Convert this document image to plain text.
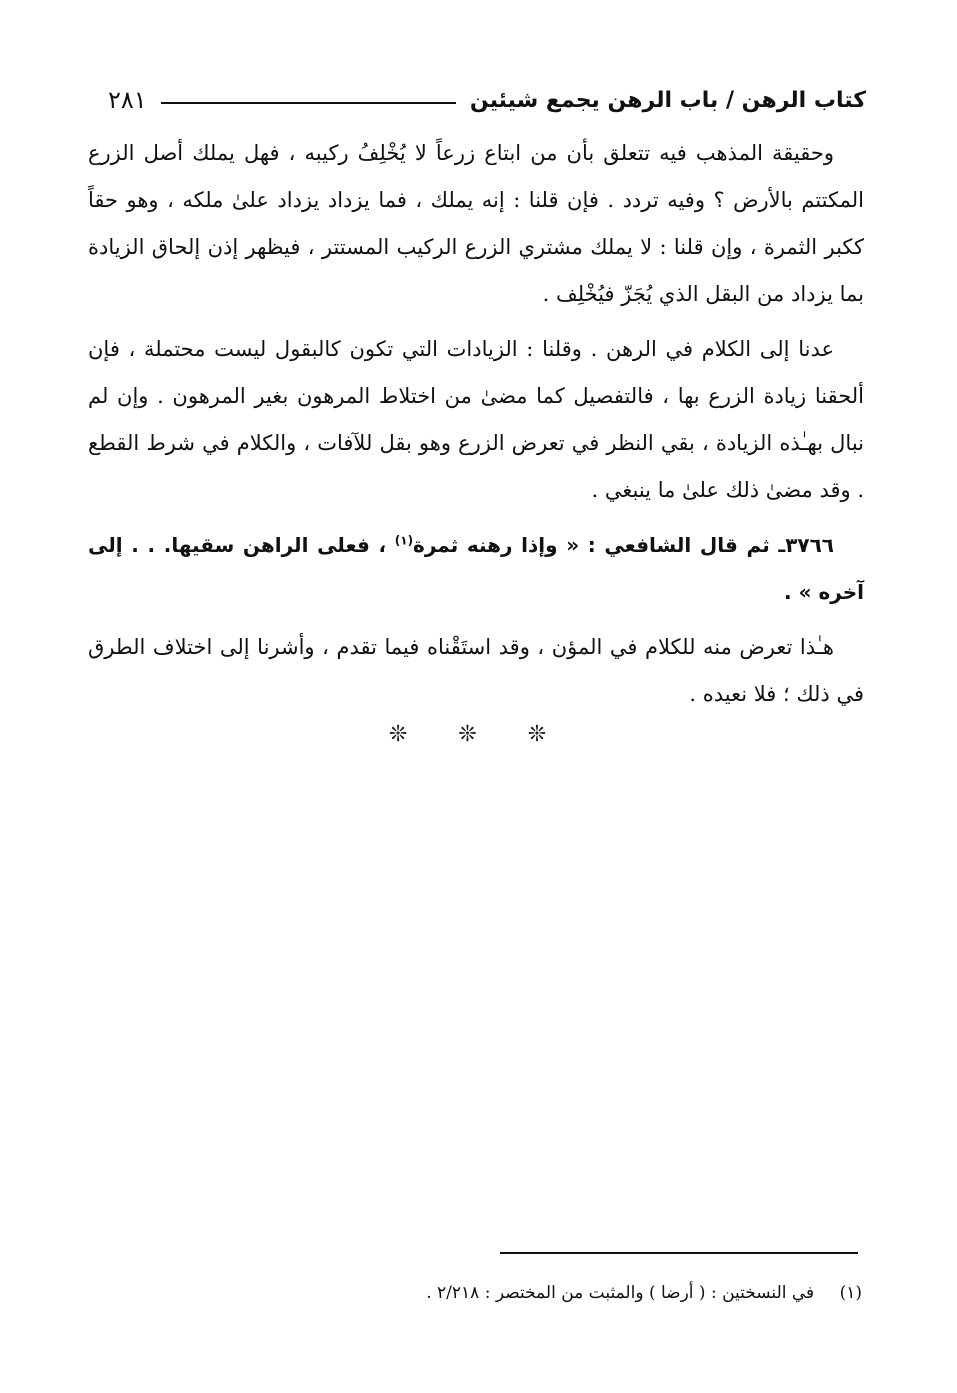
كتاب الرهن / باب الرهن يجمع شيئين
٢٨١

وحقيقة المذهب فيه تتعلق بأن من ابتاع زرعاً لا يُخْلِفُ ركيبه ، فهل يملك أصل الزرع المكتتم بالأرض ؟ وفيه تردد . فإن قلنا : إنه يملك ، فما يزداد يزداد علىٰ ملكه ، وهو حقاً ككبر الثمرة ، وإن قلنا : لا يملك مشتري الزرع الركيب المستتر ، فيظهر إذن إلحاق الزيادة بما يزداد من البقل الذي يُجَزّ فيُخْلِف .

عدنا إلى الكلام في الرهن . وقلنا : الزيادات التي تكون كالبقول ليست محتملة ، فإن ألحقنا زيادة الزرع بها ، فالتفصيل كما مضىٰ من اختلاط المرهون بغير المرهون . وإن لم نبال بهـٰذه الزيادة ، بقي النظر في تعرض الزرع وهو بقل للآفات ، والكلام في شرط القطع . وقد مضىٰ ذلك علىٰ ما ينبغي .

٣٧٦٦ـ ثم قال الشافعي : « وإذا رهنه ثمرة$^{(١)}$ ، فعلى الراهن سقيها. . . إلى آخره » .

هـٰذا تعرض منه للكلام في المؤن ، وقد استَقْناه فيما تقدم ، وأشرنا إلى اختلاف الطرق في ذلك ؛ فلا نعيده .

❊ ❊ ❊
(١) في النسختين : ( أرضا ) والمثبت من المختصر : ٢/٢١٨ .
